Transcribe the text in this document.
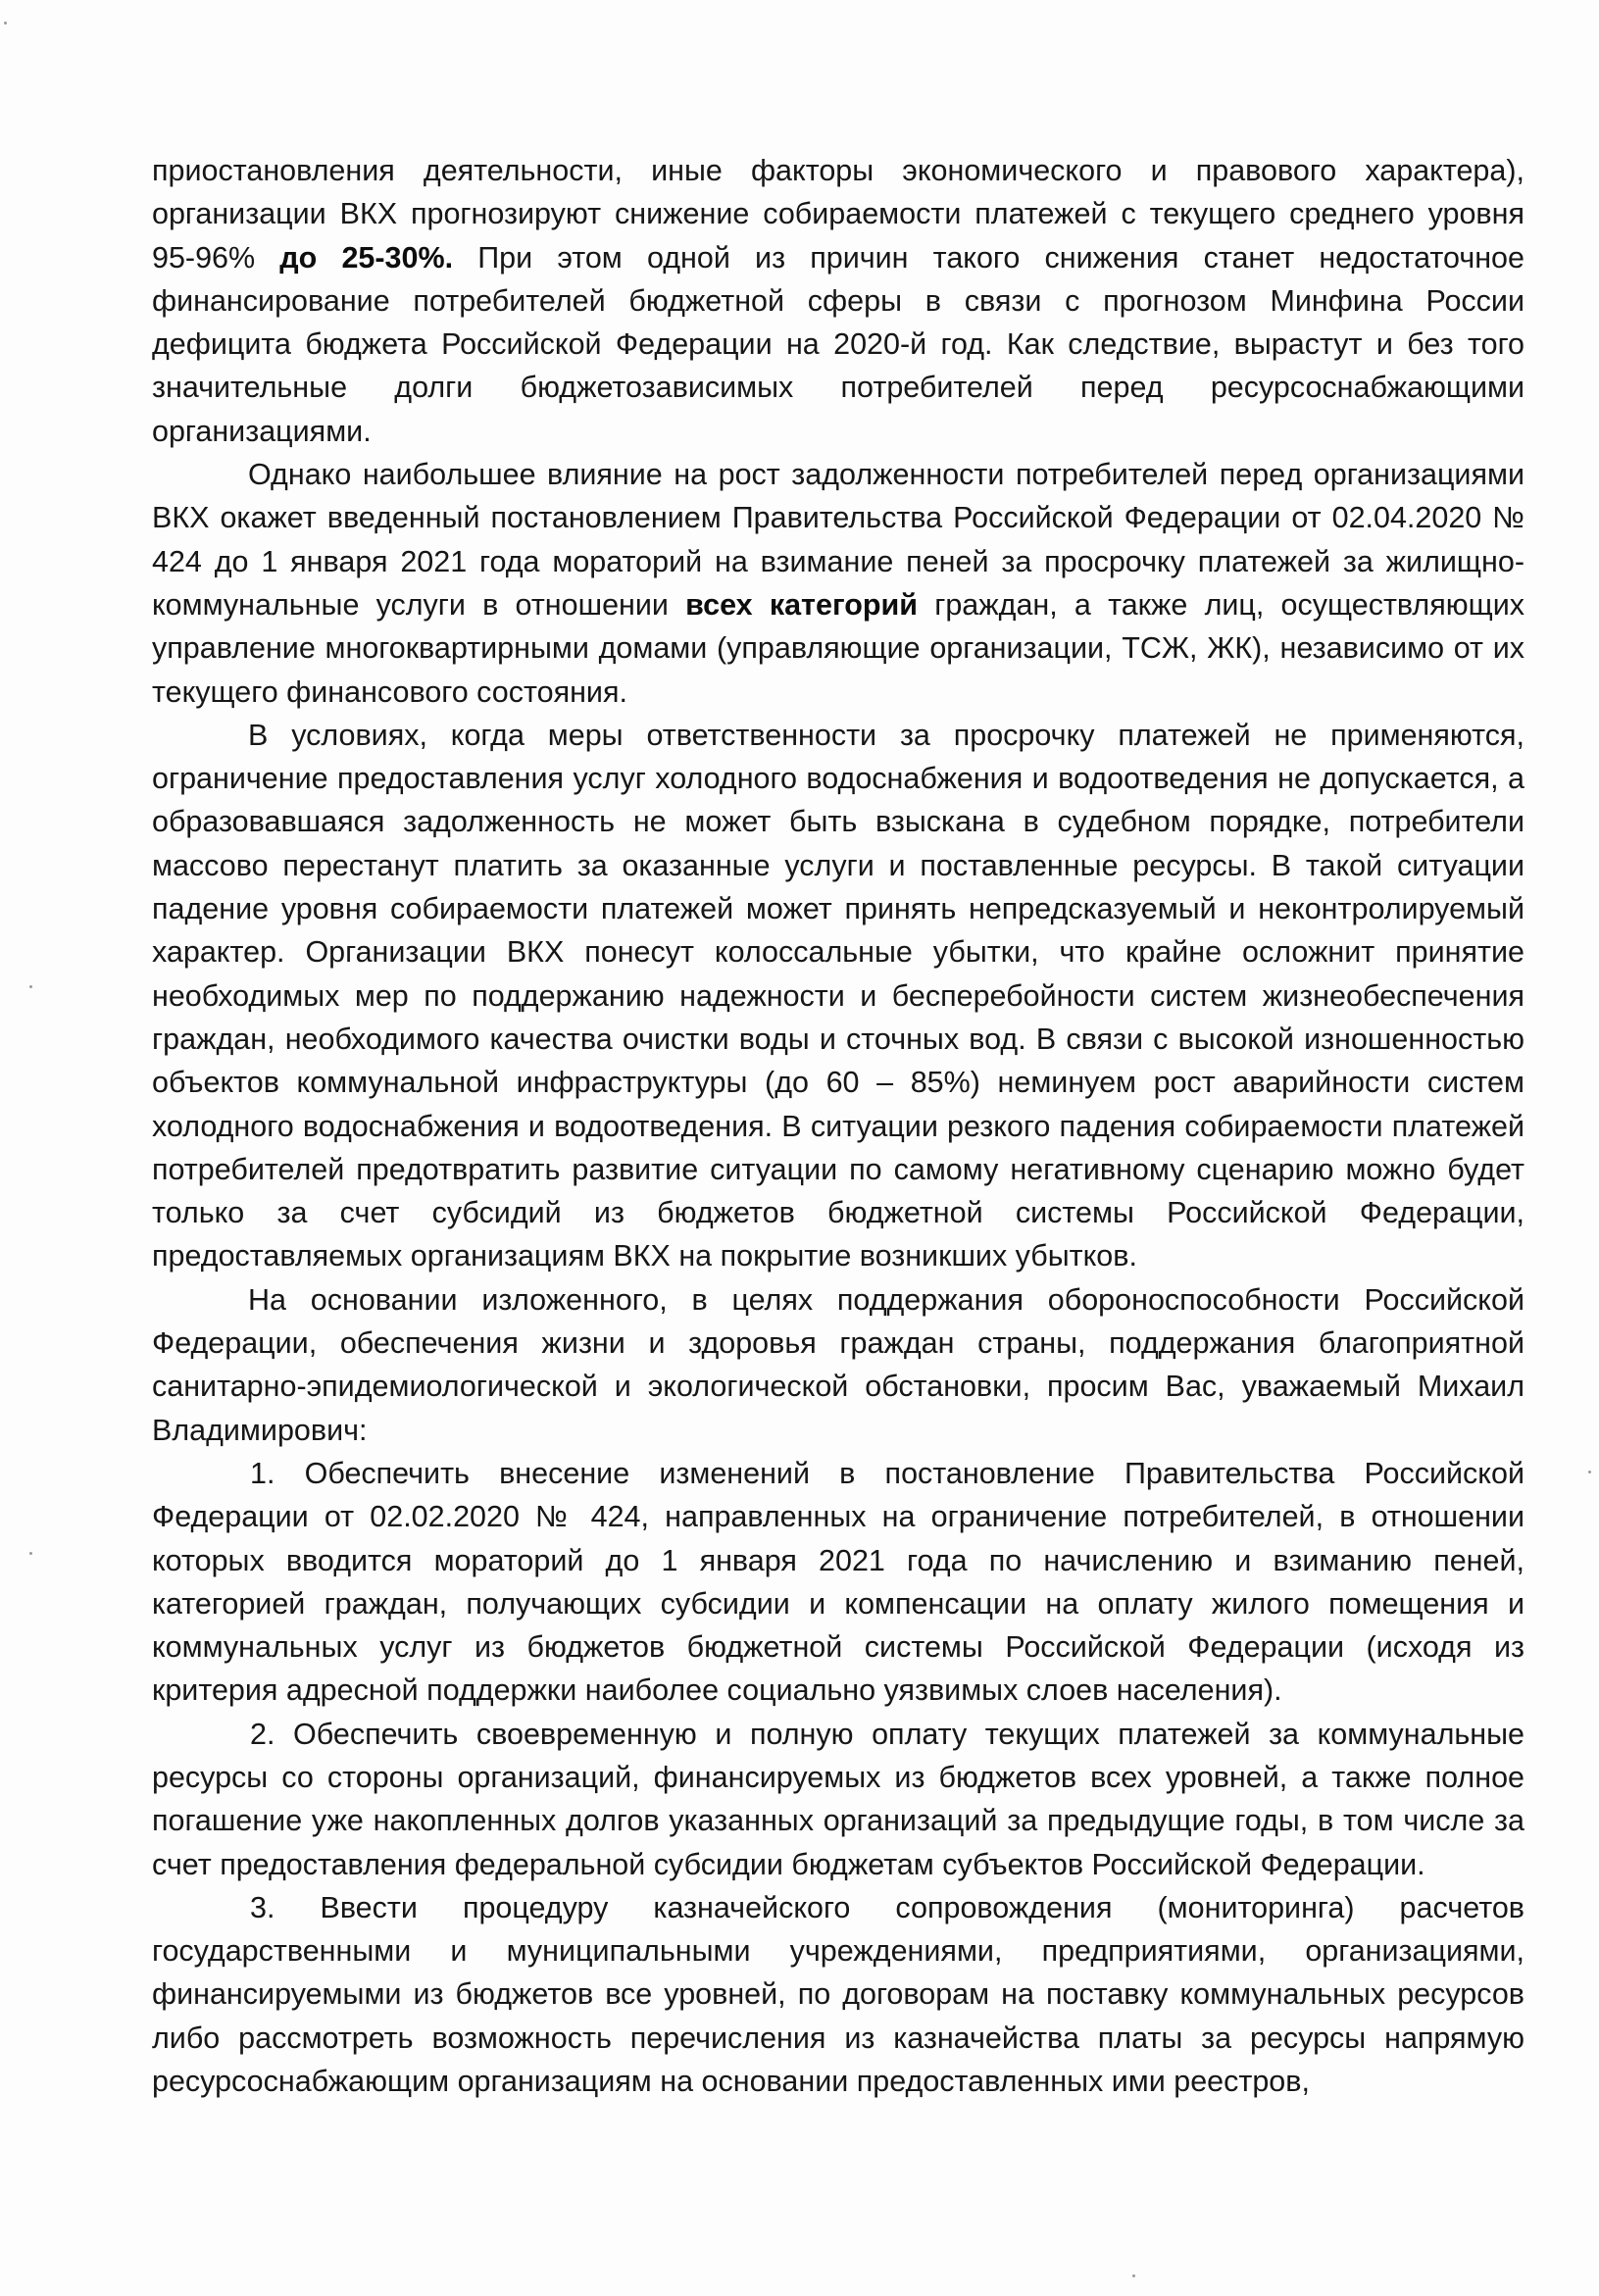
приостановления деятельности, иные факторы экономического и правового характера), организации ВКХ прогнозируют снижение собираемости платежей с текущего среднего уровня 95-96% до 25-30%. При этом одной из причин такого снижения станет недостаточное финансирование потребителей бюджетной сферы в связи с прогнозом Минфина России дефицита бюджета Российской Федерации на 2020-й год. Как следствие, вырастут и без того значительные долги бюджетозависимых потребителей перед ресурсоснабжающими организациями.

Однако наибольшее влияние на рост задолженности потребителей перед организациями ВКХ окажет введенный постановлением Правительства Российской Федерации от 02.04.2020 № 424 до 1 января 2021 года мораторий на взимание пеней за просрочку платежей за жилищно-коммунальные услуги в отношении всех категорий граждан, а также лиц, осуществляющих управление многоквартирными домами (управляющие организации, ТСЖ, ЖК), независимо от их текущего финансового состояния.

В условиях, когда меры ответственности за просрочку платежей не применяются, ограничение предоставления услуг холодного водоснабжения и водоотведения не допускается, а образовавшаяся задолженность не может быть взыскана в судебном порядке, потребители массово перестанут платить за оказанные услуги и поставленные ресурсы. В такой ситуации падение уровня собираемости платежей может принять непредсказуемый и неконтролируемый характер. Организации ВКХ понесут колоссальные убытки, что крайне осложнит принятие необходимых мер по поддержанию надежности и бесперебойности систем жизнеобеспечения граждан, необходимого качества очистки воды и сточных вод. В связи с высокой изношенностью объектов коммунальной инфраструктуры (до 60 – 85%) неминуем рост аварийности систем холодного водоснабжения и водоотведения. В ситуации резкого падения собираемости платежей потребителей предотвратить развитие ситуации по самому негативному сценарию можно будет только за счет субсидий из бюджетов бюджетной системы Российской Федерации, предоставляемых организациям ВКХ на покрытие возникших убытков.

На основании изложенного, в целях поддержания обороноспособности Российской Федерации, обеспечения жизни и здоровья граждан страны, поддержания благоприятной санитарно-эпидемиологической и экологической обстановки, просим Вас, уважаемый Михаил Владимирович:

1. Обеспечить внесение изменений в постановление Правительства Российской Федерации от 02.02.2020 № 424, направленных на ограничение потребителей, в отношении которых вводится мораторий до 1 января 2021 года по начислению и взиманию пеней, категорией граждан, получающих субсидии и компенсации на оплату жилого помещения и коммунальных услуг из бюджетов бюджетной системы Российской Федерации (исходя из критерия адресной поддержки наиболее социально уязвимых слоев населения).

2. Обеспечить своевременную и полную оплату текущих платежей за коммунальные ресурсы со стороны организаций, финансируемых из бюджетов всех уровней, а также полное погашение уже накопленных долгов указанных организаций за предыдущие годы, в том числе за счет предоставления федеральной субсидии бюджетам субъектов Российской Федерации.

3. Ввести процедуру казначейского сопровождения (мониторинга) расчетов государственными и муниципальными учреждениями, предприятиями, организациями, финансируемыми из бюджетов все уровней, по договорам на поставку коммунальных ресурсов либо рассмотреть возможность перечисления из казначейства платы за ресурсы напрямую ресурсоснабжающим организациям на основании предоставленных ими реестров,
